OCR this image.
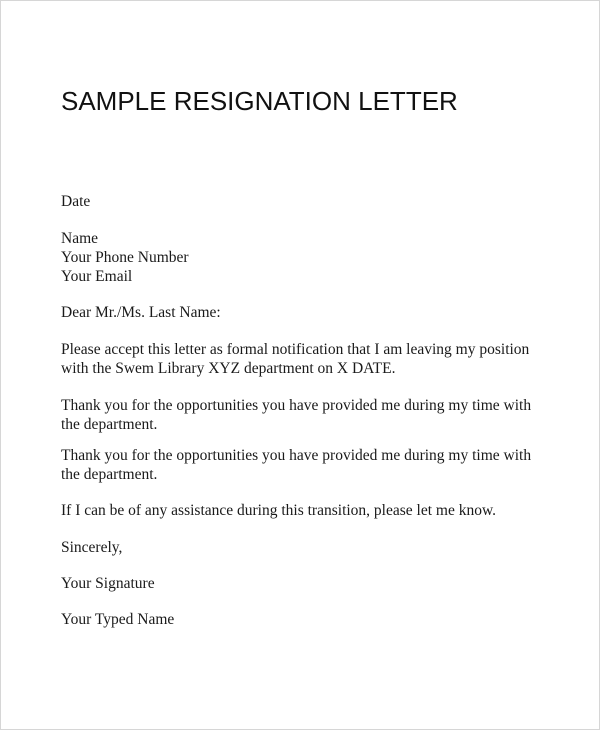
SAMPLE RESIGNATION LETTER
Date
Name
Your Phone Number
Your Email
Dear Mr./Ms. Last Name:
Please accept this letter as formal notification that I am leaving my position
with the Swem Library XYZ department on X DATE.
Thank you for the opportunities you have provided me during my time with
the department.
Thank you for the opportunities you have provided me during my time with
the department.
If I can be of any assistance during this transition, please let me know.
Sincerely,
Your Signature
Your Typed Name
